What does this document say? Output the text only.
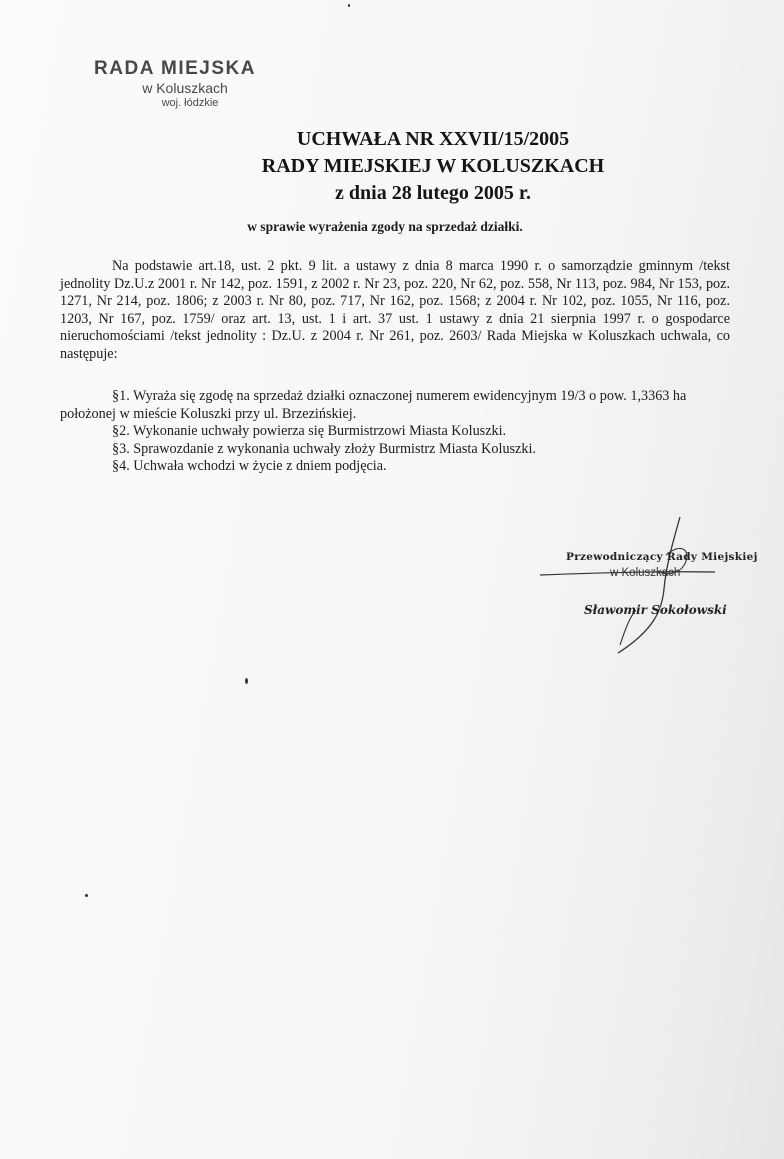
RADA MIEJSKA
w Koluszkach
woj. łódzkie
UCHWAŁA NR XXVII/15/2005
RADY MIEJSKIEJ W KOLUSZKACH
z dnia 28 lutego 2005 r.
w sprawie wyrażenia zgody na sprzedaż działki.
Na podstawie art.18, ust. 2 pkt. 9 lit. a ustawy z dnia 8 marca 1990 r. o samorządzie gminnym /tekst jednolity Dz.U.z 2001 r. Nr 142, poz. 1591, z 2002 r. Nr 23, poz. 220, Nr 62, poz. 558, Nr 113, poz. 984, Nr 153, poz. 1271, Nr 214, poz. 1806; z 2003 r. Nr 80, poz. 717, Nr 162, poz. 1568; z 2004 r. Nr 102, poz. 1055, Nr 116, poz. 1203, Nr 167, poz. 1759/ oraz art. 13, ust. 1 i art. 37 ust. 1 ustawy z dnia 21 sierpnia 1997 r. o gospodarce nieruchomościami /tekst jednolity : Dz.U. z 2004 r. Nr 261, poz. 2603/ Rada Miejska w Koluszkach uchwala, co następuje:
§1. Wyraża się zgodę na sprzedaż działki oznaczonej numerem ewidencyjnym 19/3 o pow. 1,3363 ha położonej w mieście Koluszki przy ul. Brzezińskiej.
§2. Wykonanie uchwały powierza się Burmistrzowi Miasta Koluszki.
§3. Sprawozdanie z wykonania uchwały złoży Burmistrz Miasta Koluszki.
§4. Uchwała wchodzi w życie z dniem podjęcia.
Przewodniczący Rady Miejskiej
w Koluszkach
Sławomir Sokołowski
